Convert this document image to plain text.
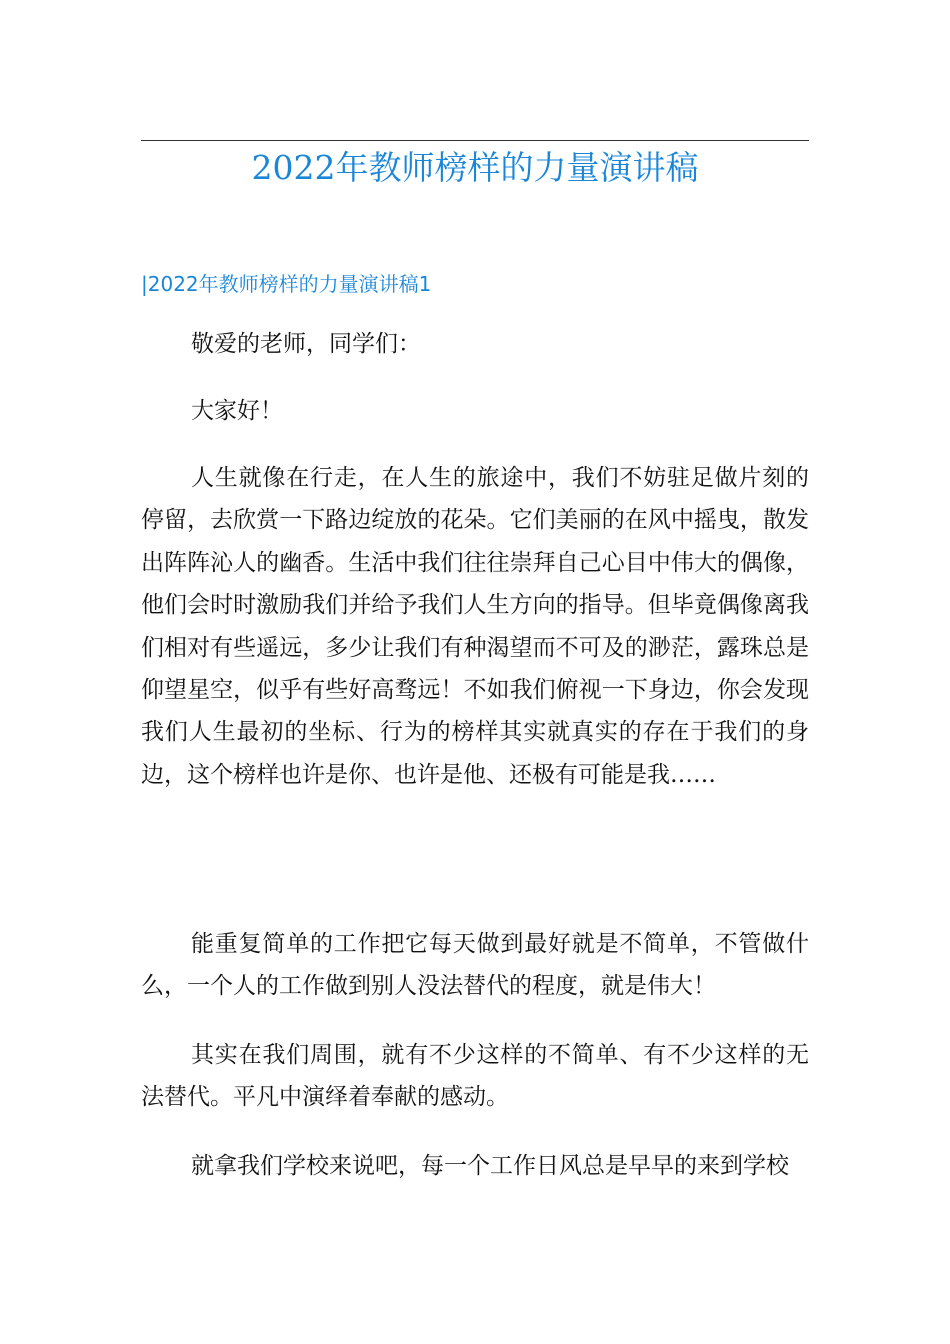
2022年教师榜样的力量演讲稿
|2022年教师榜样的力量演讲稿1

敬爱的老师，同学们：

大家好！

人生就像在行走，在人生的旅途中，我们不妨驻足做片刻的停留，去欣赏一下路边绽放的花朵。它们美丽的在风中摇曳，散发出阵阵沁人的幽香。生活中我们往往崇拜自己心目中伟大的偶像，他们会时时激励我们并给予我们人生方向的指导。但毕竟偶像离我们相对有些遥远，多少让我们有种渴望而不可及的渺茫，露珠总是仰望星空，似乎有些好高骛远！不如我们俯视一下身边，你会发现我们人生最初的坐标、行为的榜样其实就真实的存在于我们的身边，这个榜样也许是你、也许是他、还极有可能是我……

能重复简单的工作把它每天做到最好就是不简单，不管做什么，一个人的工作做到别人没法替代的程度，就是伟大！

其实在我们周围，就有不少这样的不简单、有不少这样的无法替代。平凡中演绎着奉献的感动。

就拿我们学校来说吧，每一个工作日风总是早早的来到学校
